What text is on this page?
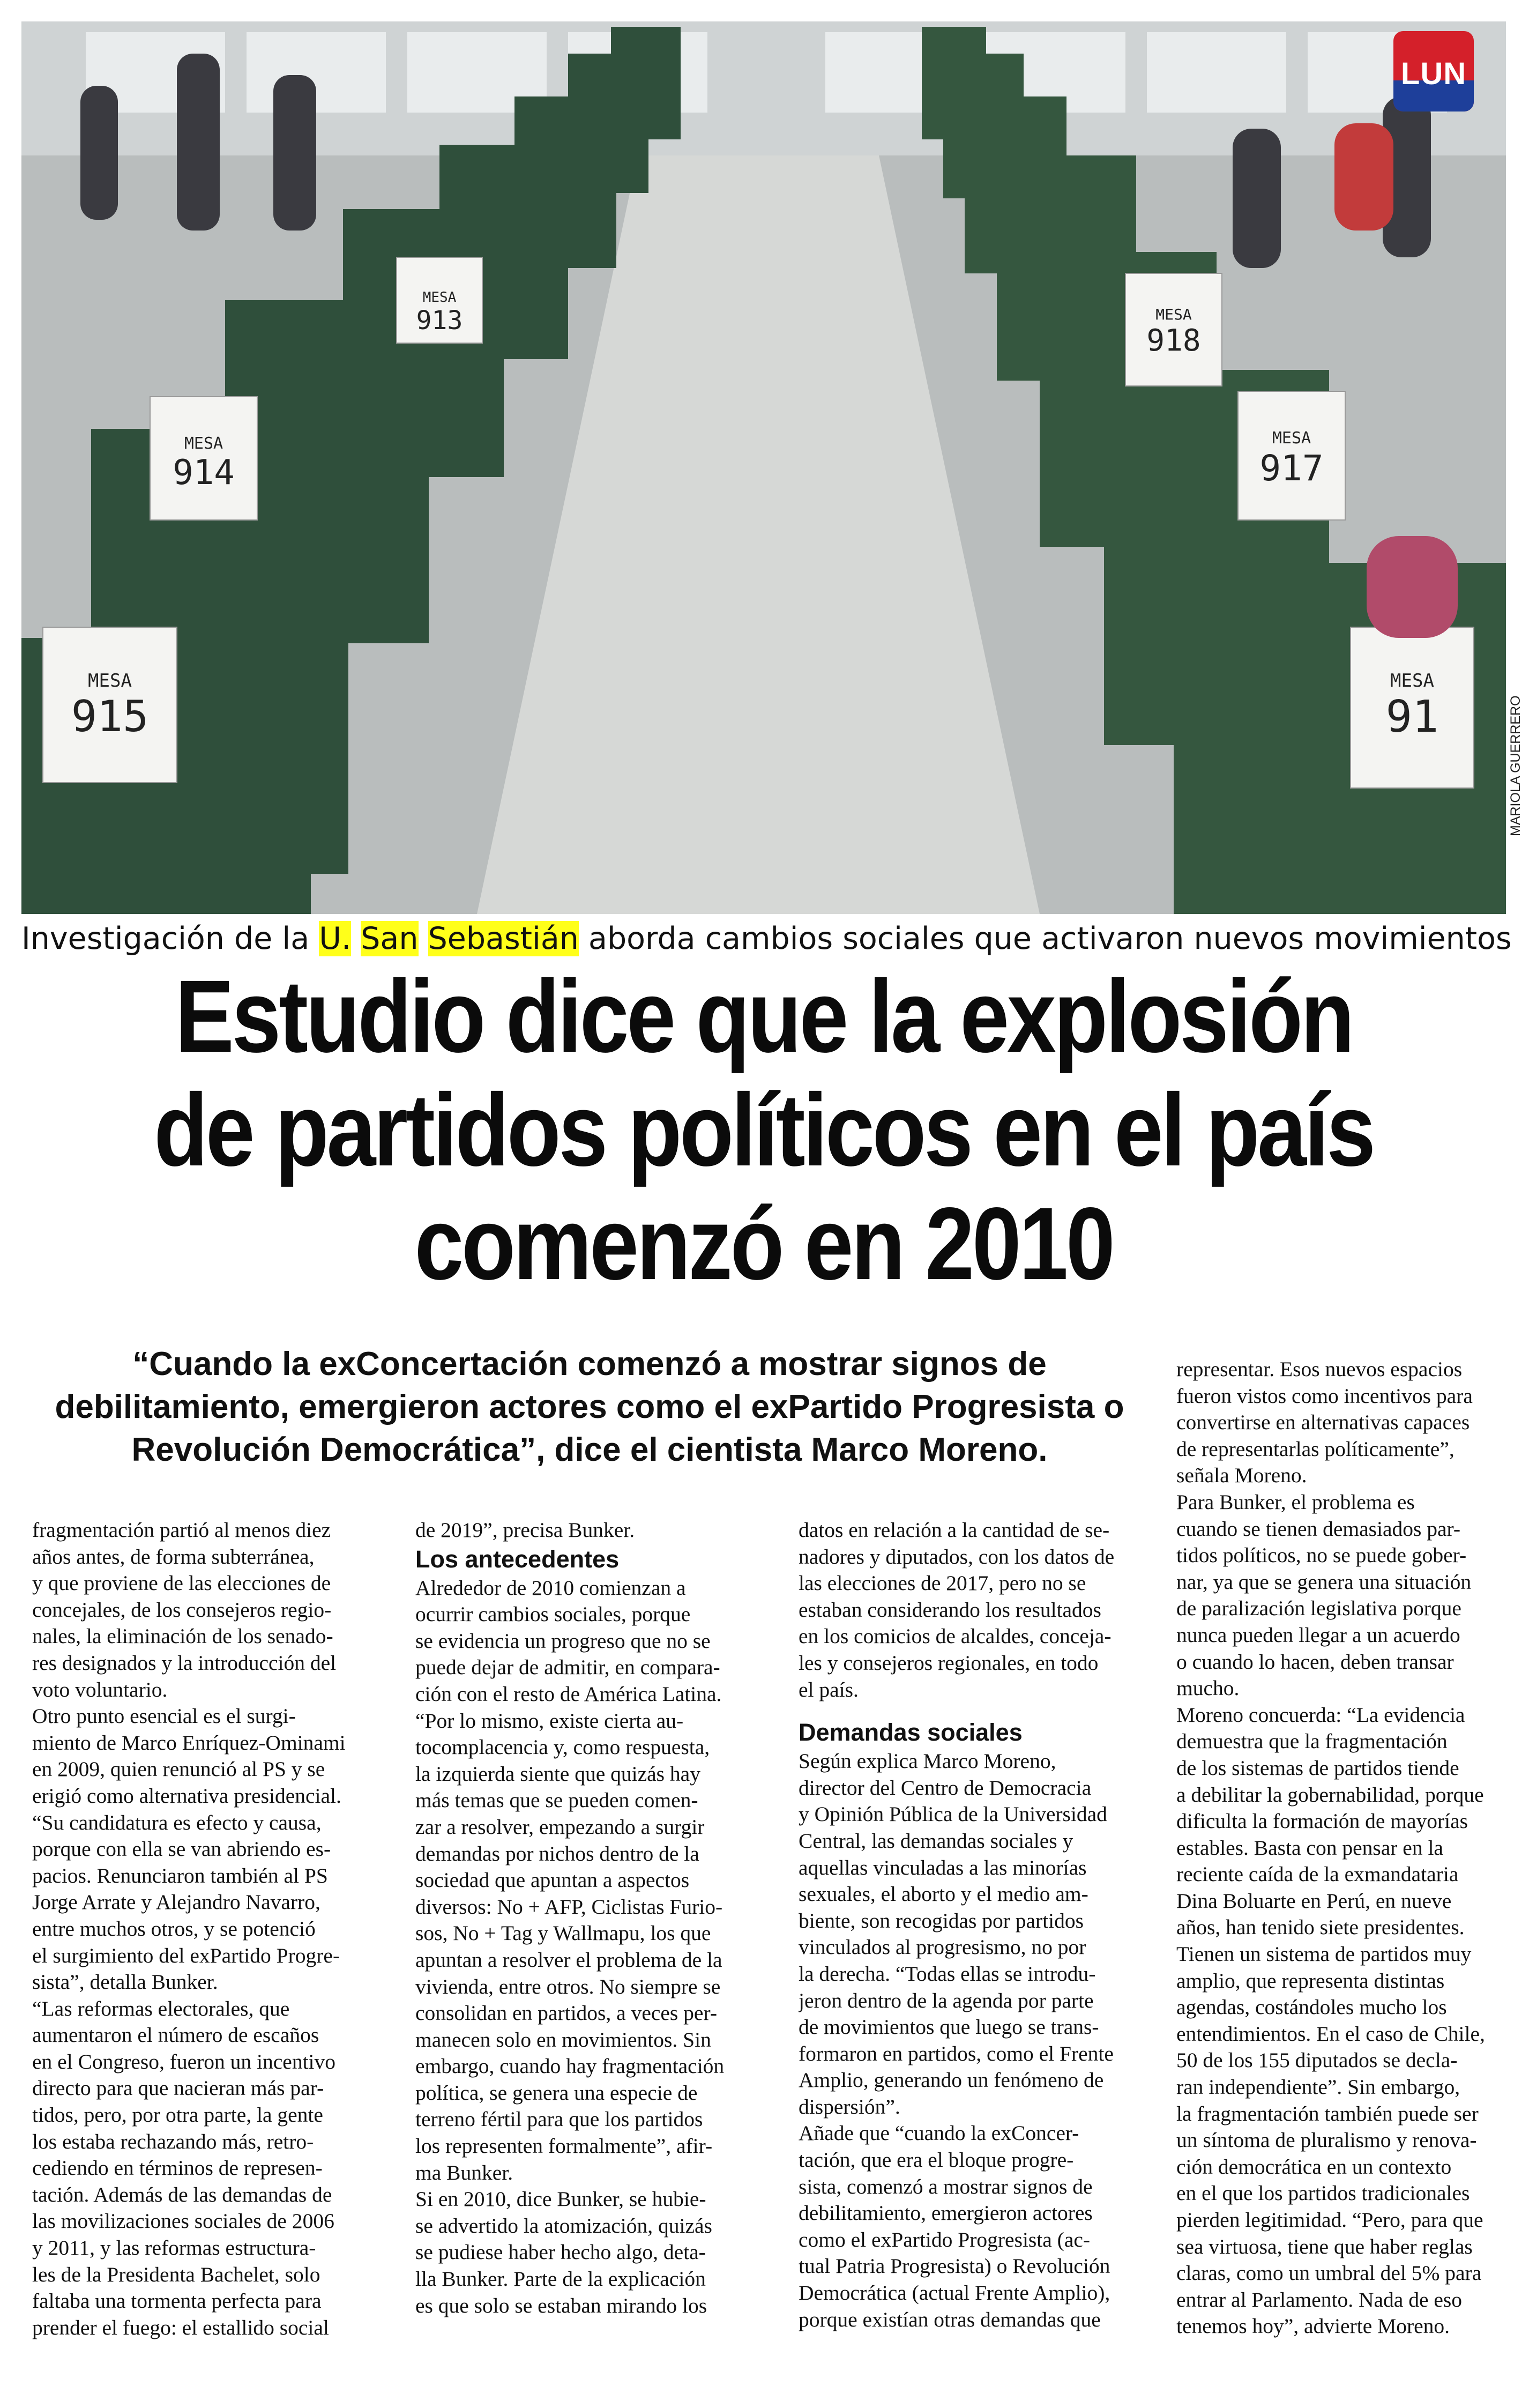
MESA
913
MESA
914
MESA
915
MESA
918
MESA
917
MESA
91
LUN
MARIOLA GUERRERO
Investigación de la U. San Sebastián aborda cambios sociales que activaron nuevos movimientos
Estudio dice que la explosión
de partidos políticos en el país
comenzó en 2010
“Cuando la exConcertación comenzó a mostrar signos de
debilitamiento, emergieron actores como el exPartido Progresista o
Revolución Democrática”, dice el cientista Marco Moreno.
fragmentación partió al menos diez
años antes, de forma subterránea,
y que proviene de las elecciones de
concejales, de los consejeros regio-
nales, la eliminación de los senado-
res designados y la introducción del
voto voluntario.
Otro punto esencial es el surgi-
miento de Marco Enríquez-Ominami
en 2009, quien renunció al PS y se
erigió como alternativa presidencial.
“Su candidatura es efecto y causa,
porque con ella se van abriendo es-
pacios. Renunciaron también al PS
Jorge Arrate y Alejandro Navarro,
entre muchos otros, y se potenció
el surgimiento del exPartido Progre-
sista”, detalla Bunker.
“Las reformas electorales, que
aumentaron el número de escaños
en el Congreso, fueron un incentivo
directo para que nacieran más par-
tidos, pero, por otra parte, la gente
los estaba rechazando más, retro-
cediendo en términos de represen-
tación. Además de las demandas de
las movilizaciones sociales de 2006
y 2011, y las reformas estructura-
les de la Presidenta Bachelet, solo
faltaba una tormenta perfecta para
prender el fuego: el estallido social
de 2019”, precisa Bunker.
Los antecedentes
Alrededor de 2010 comienzan a
ocurrir cambios sociales, porque
se evidencia un progreso que no se
puede dejar de admitir, en compara-
ción con el resto de América Latina.
“Por lo mismo, existe cierta au-
tocomplacencia y, como respuesta,
la izquierda siente que quizás hay
más temas que se pueden comen-
zar a resolver, empezando a surgir
demandas por nichos dentro de la
sociedad que apuntan a aspectos
diversos: No + AFP, Ciclistas Furio-
sos, No + Tag y Wallmapu, los que
apuntan a resolver el problema de la
vivienda, entre otros. No siempre se
consolidan en partidos, a veces per-
manecen solo en movimientos. Sin
embargo, cuando hay fragmentación
política, se genera una especie de
terreno fértil para que los partidos
los representen formalmente”, afir-
ma Bunker.
Si en 2010, dice Bunker, se hubie-
se advertido la atomización, quizás
se pudiese haber hecho algo, deta-
lla Bunker. Parte de la explicación
es que solo se estaban mirando los
datos en relación a la cantidad de se-
nadores y diputados, con los datos de
las elecciones de 2017, pero no se
estaban considerando los resultados
en los comicios de alcaldes, conceja-
les y consejeros regionales, en todo
el país.
Demandas sociales
Según explica Marco Moreno,
director del Centro de Democracia
y Opinión Pública de la Universidad
Central, las demandas sociales y
aquellas vinculadas a las minorías
sexuales, el aborto y el medio am-
biente, son recogidas por partidos
vinculados al progresismo, no por
la derecha. “Todas ellas se introdu-
jeron dentro de la agenda por parte
de movimientos que luego se trans-
formaron en partidos, como el Frente
Amplio, generando un fenómeno de
dispersión”.
Añade que “cuando la exConcer-
tación, que era el bloque progre-
sista, comenzó a mostrar signos de
debilitamiento, emergieron actores
como el exPartido Progresista (ac-
tual Patria Progresista) o Revolución
Democrática (actual Frente Amplio),
porque existían otras demandas que
representar. Esos nuevos espacios
fueron vistos como incentivos para
convertirse en alternativas capaces
de representarlas políticamente”,
señala Moreno.
Para Bunker, el problema es
cuando se tienen demasiados par-
tidos políticos, no se puede gober-
nar, ya que se genera una situación
de paralización legislativa porque
nunca pueden llegar a un acuerdo
o cuando lo hacen, deben transar
mucho.
Moreno concuerda: “La evidencia
demuestra que la fragmentación
de los sistemas de partidos tiende
a debilitar la gobernabilidad, porque
dificulta la formación de mayorías
estables. Basta con pensar en la
reciente caída de la exmandataria
Dina Boluarte en Perú, en nueve
años, han tenido siete presidentes.
Tienen un sistema de partidos muy
amplio, que representa distintas
agendas, costándoles mucho los
entendimientos. En el caso de Chile,
50 de los 155 diputados se decla-
ran independiente”. Sin embargo,
la fragmentación también puede ser
un síntoma de pluralismo y renova-
ción democrática en un contexto
en el que los partidos tradicionales
pierden legitimidad. “Pero, para que
sea virtuosa, tiene que haber reglas
claras, como un umbral del 5% para
entrar al Parlamento. Nada de eso
tenemos hoy”, advierte Moreno.
